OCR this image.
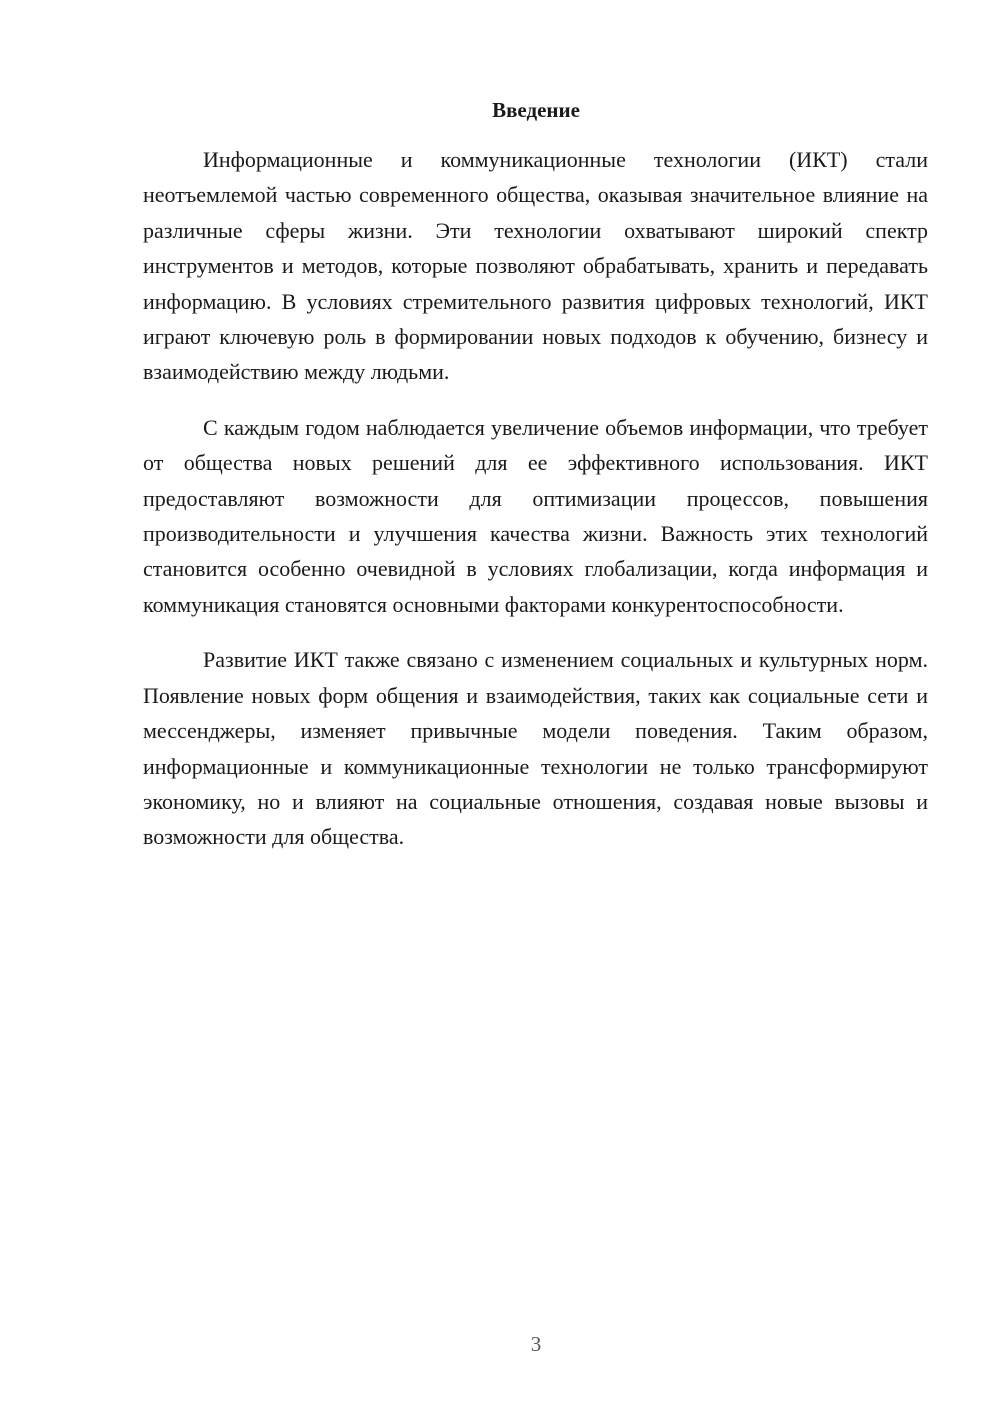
Введение

Информационные и коммуникационные технологии (ИКТ) стали неотъемлемой частью современного общества, оказывая значительное влияние на различные сферы жизни. Эти технологии охватывают широкий спектр инструментов и методов, которые позволяют обрабатывать, хранить и передавать информацию. В условиях стремительного развития цифровых технологий, ИКТ играют ключевую роль в формировании новых подходов к обучению, бизнесу и взаимодействию между людьми.

С каждым годом наблюдается увеличение объемов информации, что требует от общества новых решений для ее эффективного использования. ИКТ предоставляют возможности для оптимизации процессов, повышения производительности и улучшения качества жизни. Важность этих технологий становится особенно очевидной в условиях глобализации, когда информация и коммуникация становятся основными факторами конкурентоспособности.

Развитие ИКТ также связано с изменением социальных и культурных норм. Появление новых форм общения и взаимодействия, таких как социальные сети и мессенджеры, изменяет привычные модели поведения. Таким образом, информационные и коммуникационные технологии не только трансформируют экономику, но и влияют на социальные отношения, создавая новые вызовы и возможности для общества.

3
